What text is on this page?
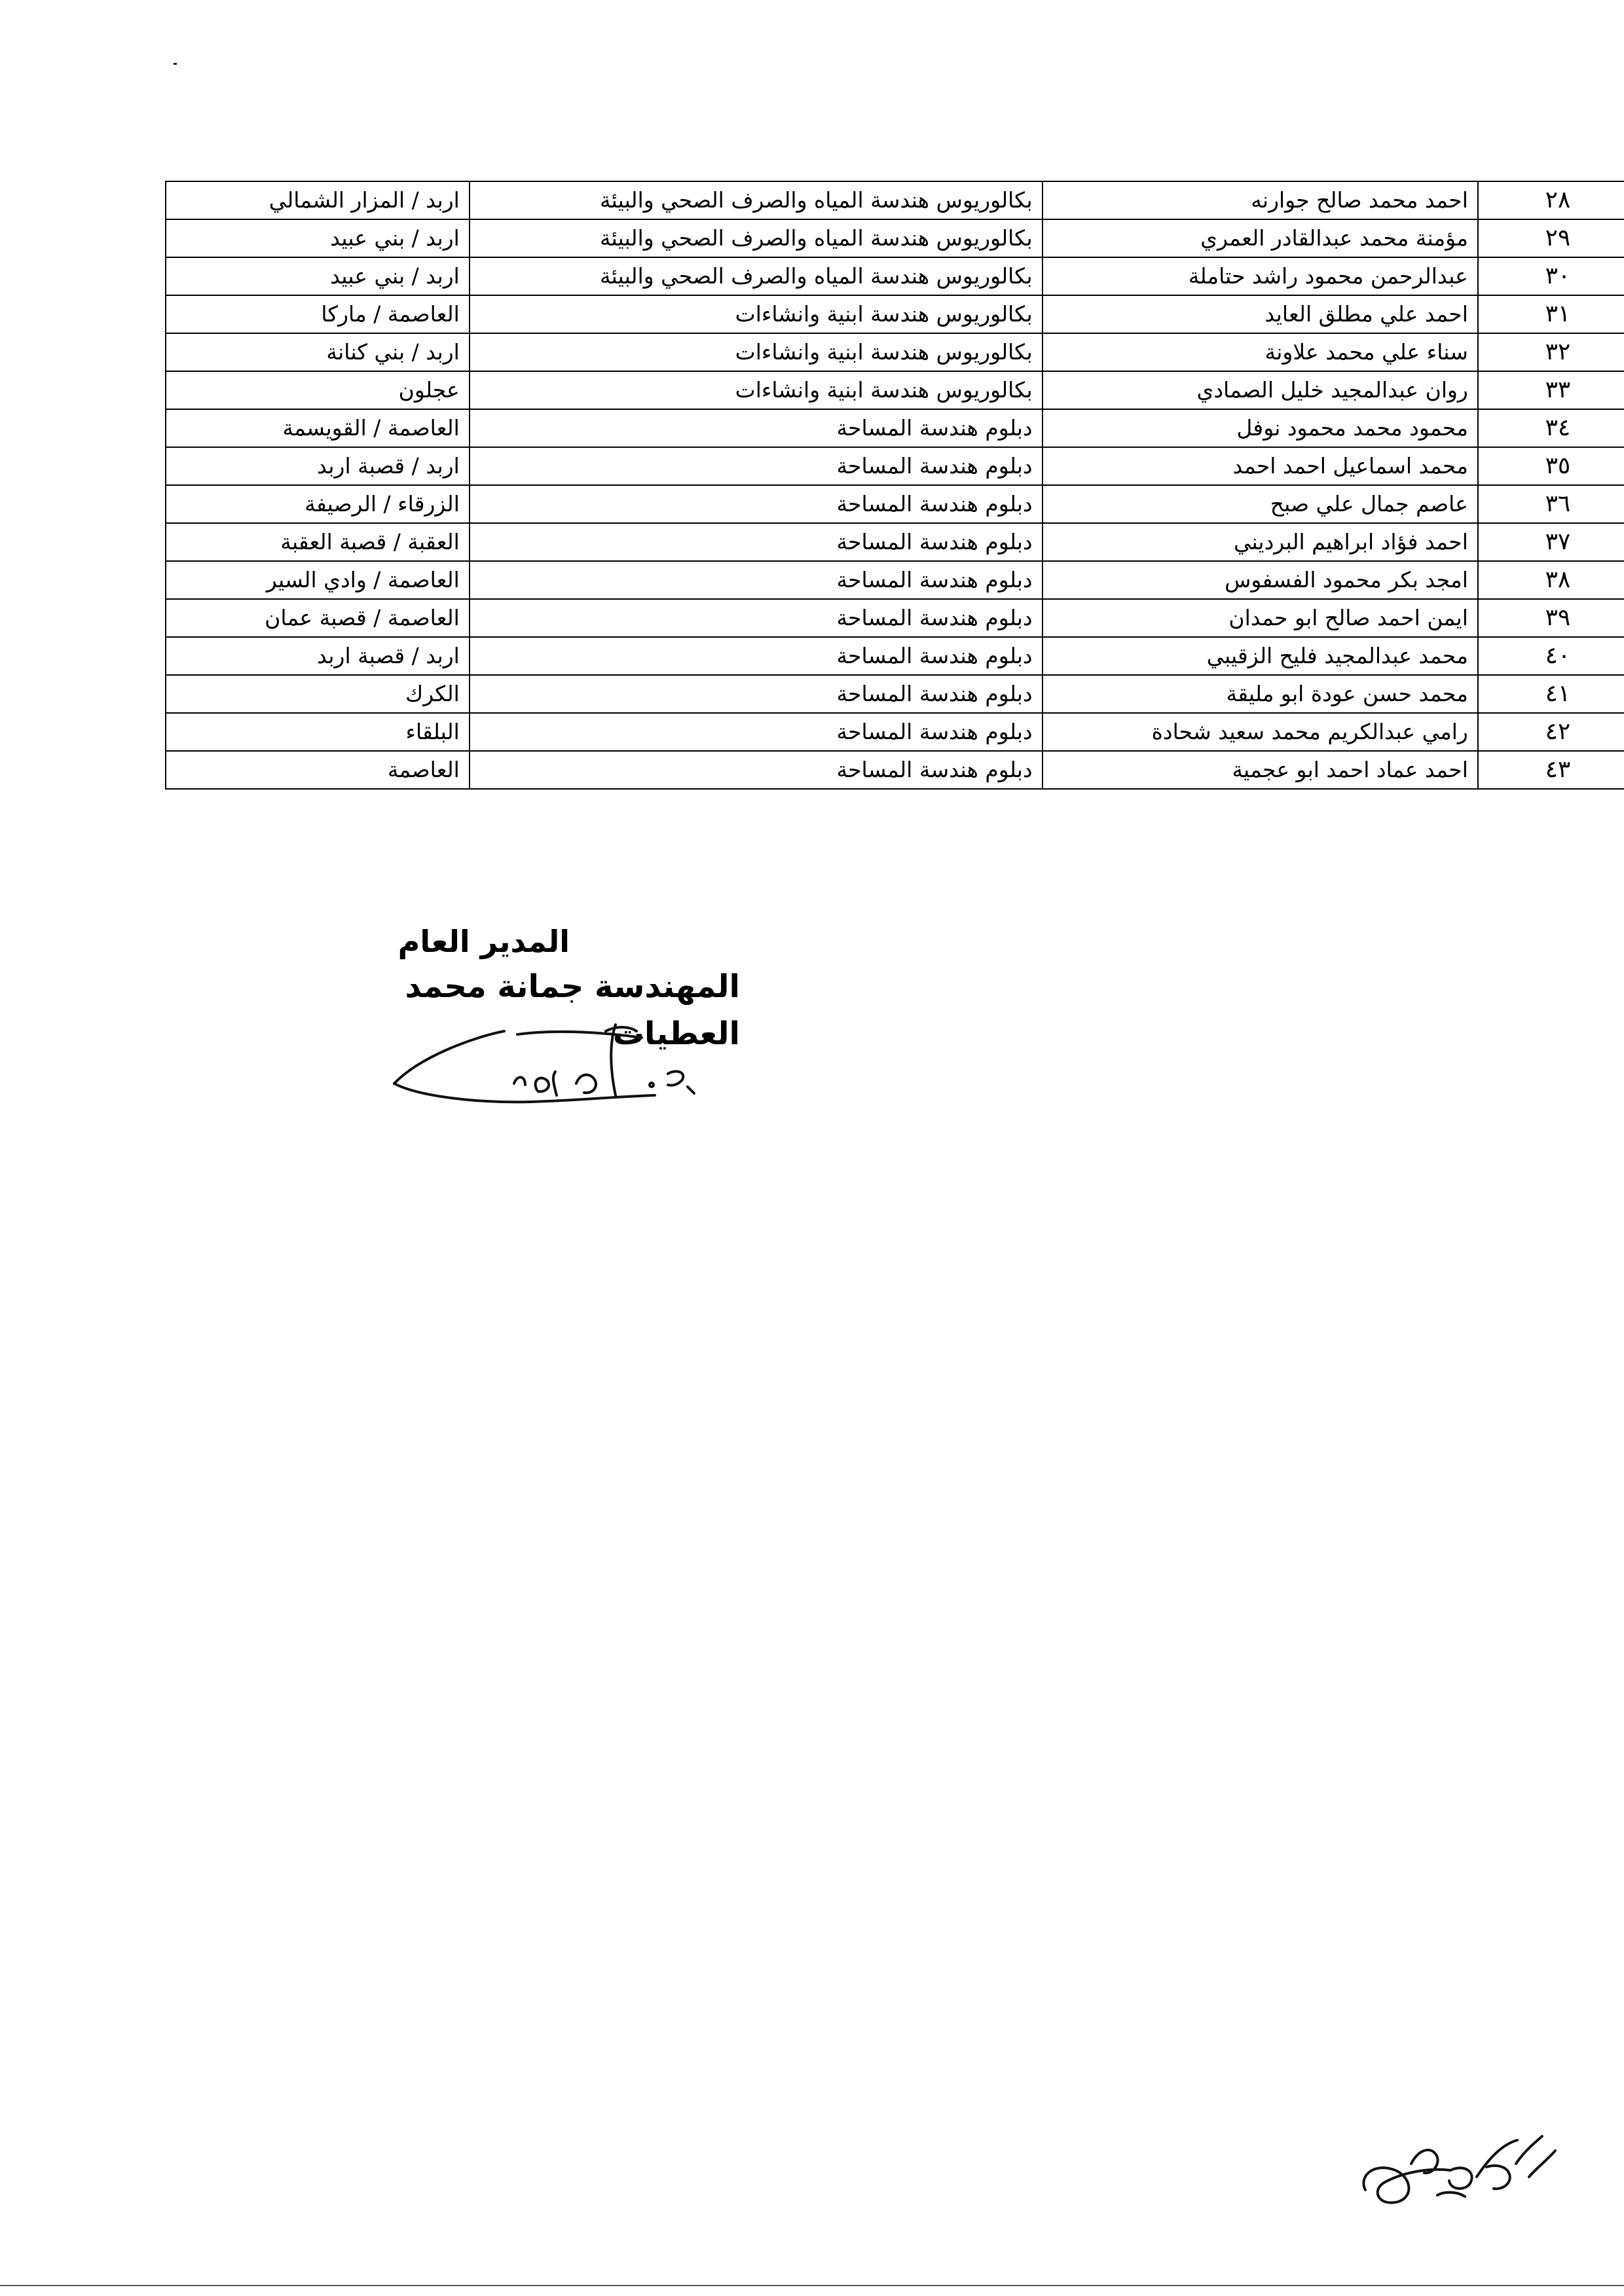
٢٨	احمد محمد صالح جوارنه	بكالوريوس هندسة المياه والصرف الصحي والبيئة	اربد / المزار الشمالي
٢٩	مؤمنة محمد عبدالقادر العمري	بكالوريوس هندسة المياه والصرف الصحي والبيئة	اربد / بني عبيد
٣٠	عبدالرحمن محمود راشد حتاملة	بكالوريوس هندسة المياه والصرف الصحي والبيئة	اربد / بني عبيد
٣١	احمد علي مطلق العايد	بكالوريوس هندسة ابنية وانشاءات	العاصمة / ماركا
٣٢	سناء علي محمد علاونة	بكالوريوس هندسة ابنية وانشاءات	اربد / بني كنانة
٣٣	روان عبدالمجيد خليل الصمادي	بكالوريوس هندسة ابنية وانشاءات	عجلون
٣٤	محمود محمد محمود نوفل	دبلوم هندسة المساحة	العاصمة / القويسمة
٣٥	محمد اسماعيل احمد احمد	دبلوم هندسة المساحة	اربد / قصبة اربد
٣٦	عاصم جمال علي صبح	دبلوم هندسة المساحة	الزرقاء / الرصيفة
٣٧	احمد فؤاد ابراهيم البرديني	دبلوم هندسة المساحة	العقبة / قصبة العقبة
٣٨	امجد بكر محمود الفسفوس	دبلوم هندسة المساحة	العاصمة / وادي السير
٣٩	ايمن احمد صالح ابو حمدان	دبلوم هندسة المساحة	العاصمة / قصبة عمان
٤٠	محمد عبدالمجيد فليح الزقيبي	دبلوم هندسة المساحة	اربد / قصبة اربد
٤١	محمد حسن عودة ابو مليقة	دبلوم هندسة المساحة	الكرك
٤٢	رامي عبدالكريم محمد سعيد شحادة	دبلوم هندسة المساحة	البلقاء
٤٣	احمد عماد احمد ابو عجمية	دبلوم هندسة المساحة	العاصمة
المدير العام
المهندسة جمانة محمد العطيات
